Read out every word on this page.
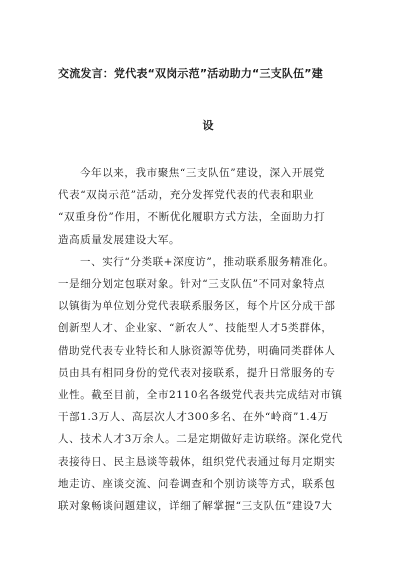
交流发言：党代表“双岗示范”活动助力“三支队伍”建
设

今年以来，我市聚焦“三支队伍”建设，深入开展党
代表“双岗示范”活动，充分发挥党代表的代表和职业
“双重身份”作用，不断优化履职方式方法，全面助力打
造高质量发展建设大军。

一、实行“分类联+深度访”，推动联系服务精准化。
一是细分划定包联对象。针对“三支队伍”不同对象特点
以镇街为单位划分党代表联系服务区，每个片区分成干部
创新型人才、企业家、“新农人”、技能型人才5类群体，
借助党代表专业特长和人脉资源等优势，明确同类群体人
员由具有相同身份的党代表对接联系，提升日常服务的专
业性。截至目前，全市2110名各级党代表共完成结对市镇
干部1.3万人、高层次人才300多名、在外“岭商”1.4万
人、技术人才3万余人。二是定期做好走访联络。深化党代
表接待日、民主恳谈等载体，组织党代表通过每月定期实
地走访、座谈交流、问卷调查和个别访谈等方式，联系包
联对象畅谈问题建议，详细了解掌握“三支队伍”建设7大
